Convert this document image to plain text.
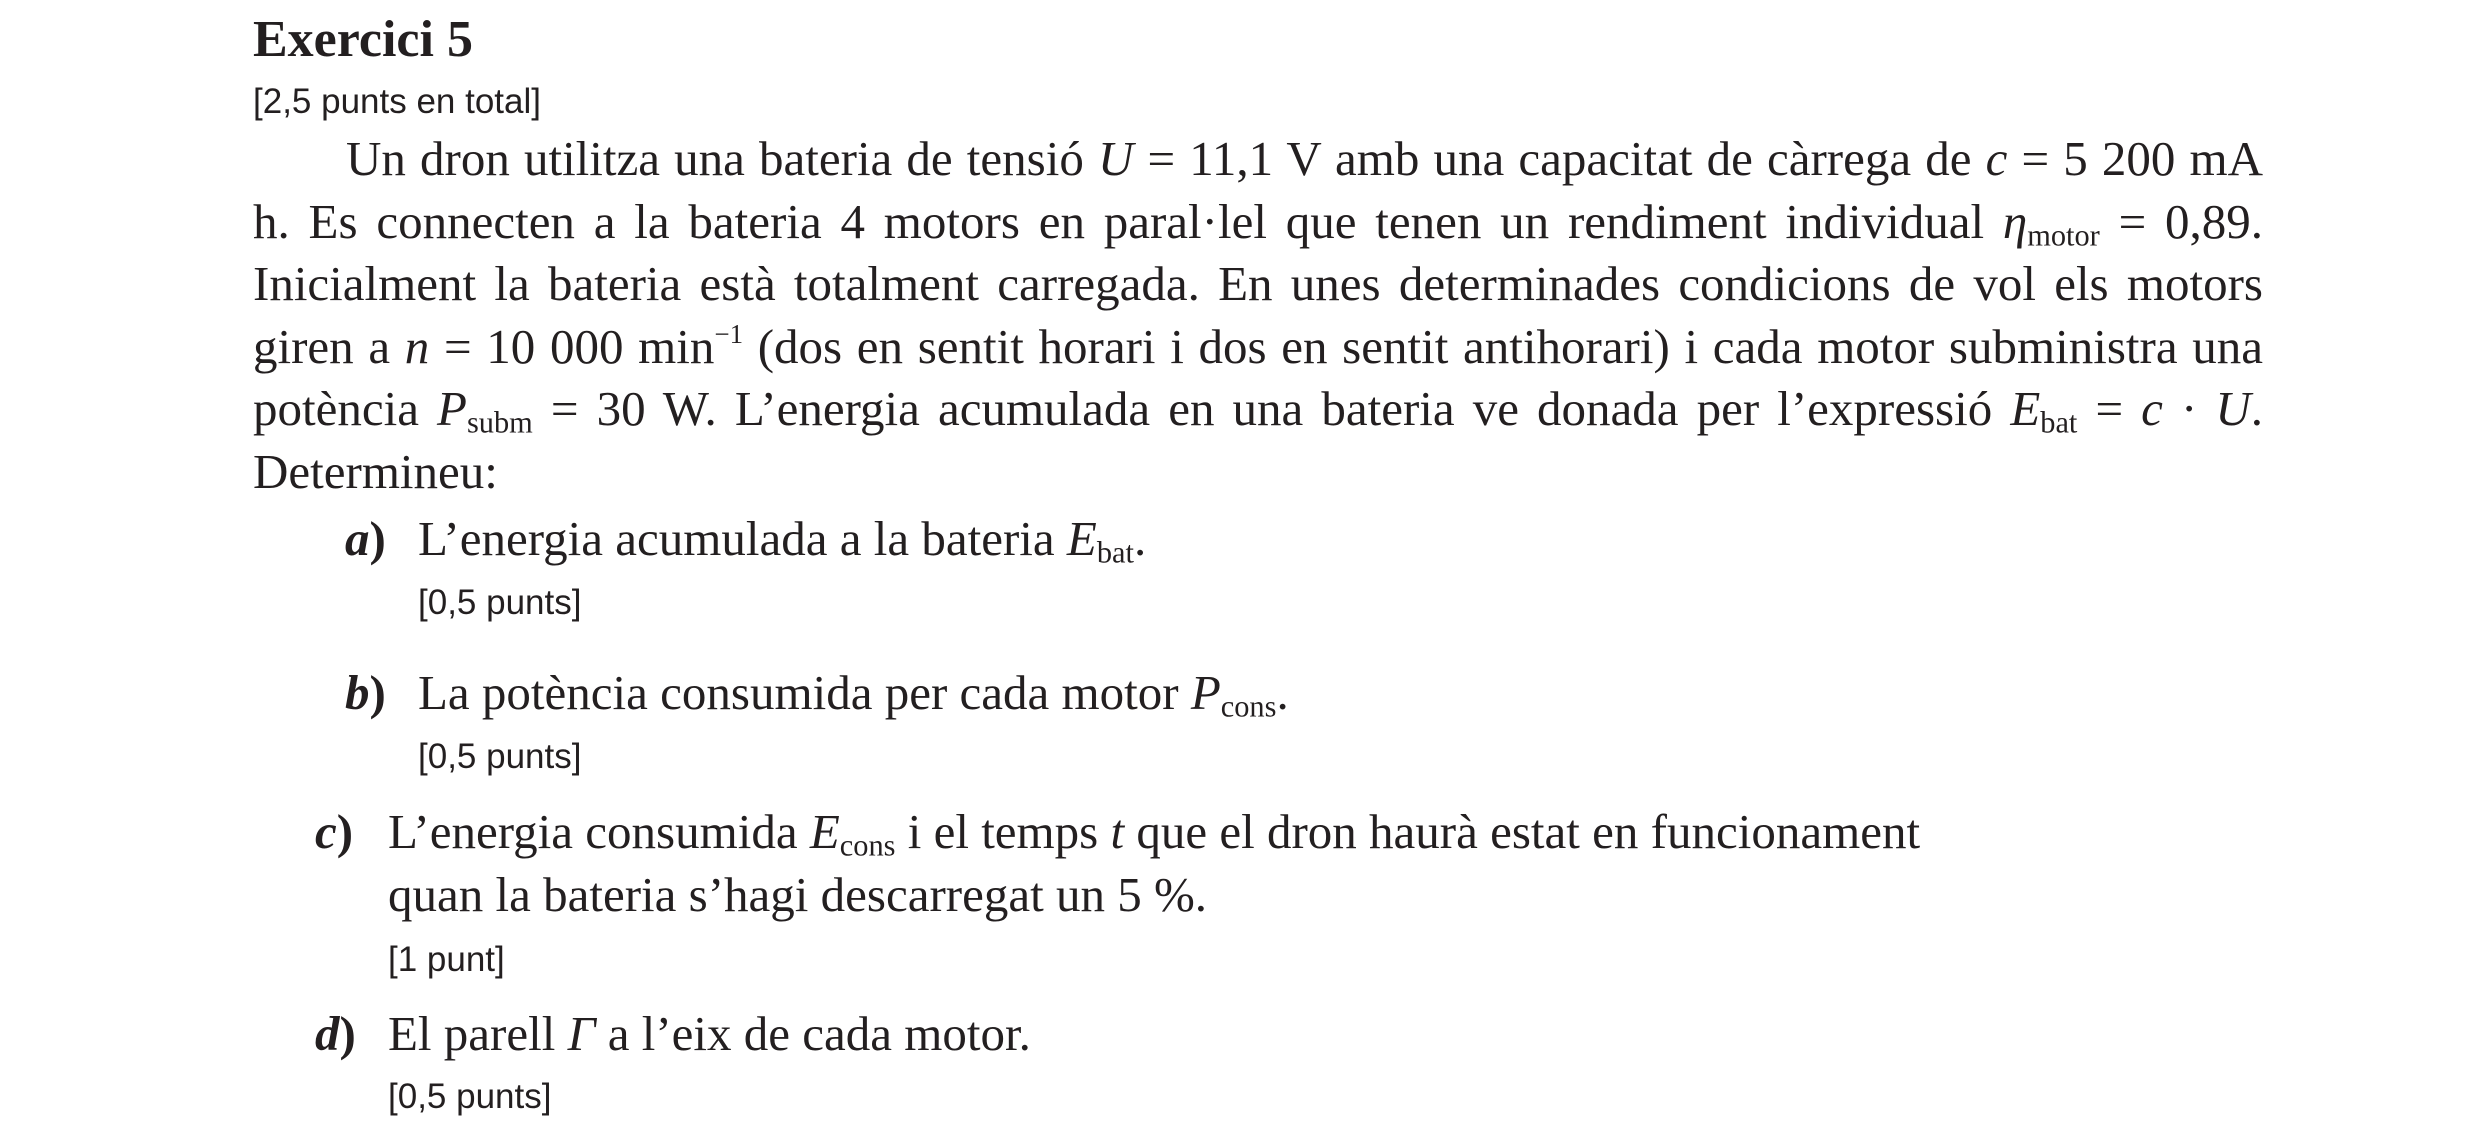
Exercici 5
[2,5 punts en total]

Un dron utilitza una bateria de tensió U = 11,1 V amb una capacitat de càrrega de c = 5 200 mA h. Es connecten a la bateria 4 motors en paral·lel que tenen un rendiment individual $\eta_{motor} = 0,89$. Inicialment la bateria està totalment carregada. En unes determinades condicions de vol els motors giren a n = 10 000 $\min^{-1} (dos$ en sentit horari i dos en sentit antihorari) i cada motor subministra una potència $P_{subm} = 30$ W. L’energia acumulada en una bateria ve donada per l’expressió $E_{bat} = c \cdot U$. Determineu:

a) L’energia acumulada a la bateria $E_{bat}$.
[0,5 punts]
b) La potència consumida per cada motor $P_{cons}$.
[0,5 punts]
c) L’energia consumida $E_{cons}$ i el temps t que el dron haurà estat en funcionament quan la bateria s’hagi descarregat un 5 %.
[1 punt]
d) El parell Γ a l’eix de cada motor.
[0,5 punts]
